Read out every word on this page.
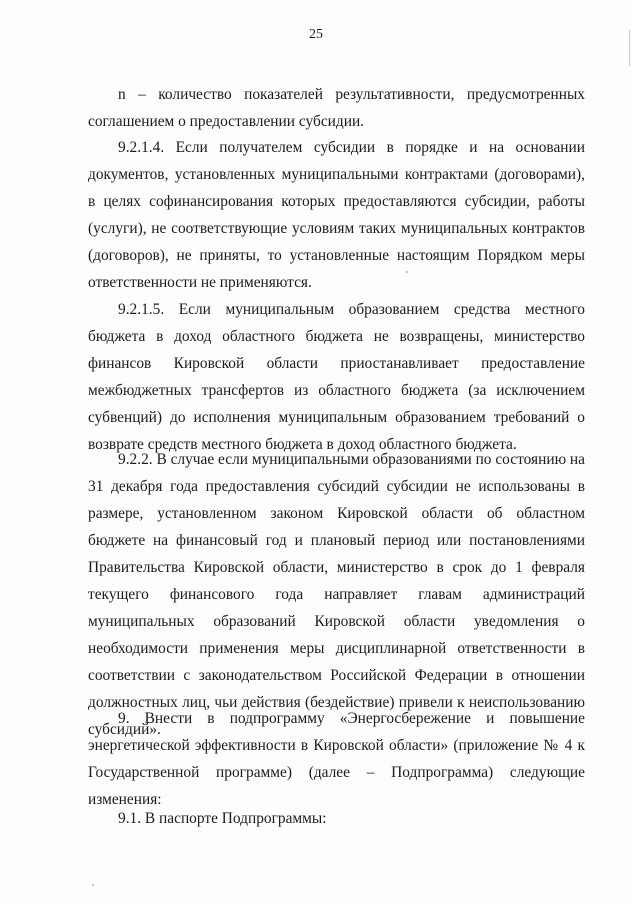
25

n – количество показателей результативности, предусмотренных соглашением о предоставлении субсидии.

9.2.1.4. Если получателем субсидии в порядке и на основании документов, установленных муниципальными контрактами (договорами), в целях софинансирования которых предоставляются субсидии, работы (услуги), не соответствующие условиям таких муниципальных контрактов (договоров), не приняты, то установленные настоящим Порядком меры ответственности не применяются.

9.2.1.5. Если муниципальным образованием средства местного бюджета в доход областного бюджета не возвращены, министерство финансов Кировской области приостанавливает предоставление межбюджетных трансфертов из областного бюджета (за исключением субвенций) до исполнения муниципальным образованием требований о возврате средств местного бюджета в доход областного бюджета.

9.2.2. В случае если муниципальными образованиями по состоянию на 31 декабря года предоставления субсидий субсидии не использованы в размере, установленном законом Кировской области об областном бюджете на финансовый год и плановый период или постановлениями Правительства Кировской области, министерство в срок до 1 февраля текущего финансового года направляет главам администраций муниципальных образований Кировской области уведомления о необходимости применения меры дисциплинарной ответственности в соответствии с законодательством Российской Федерации в отношении должностных лиц, чьи действия (бездействие) привели к неиспользованию субсидий».

9. Внести в подпрограмму «Энергосбережение и повышение энергетической эффективности в Кировской области» (приложение № 4 к Государственной программе) (далее – Подпрограмма) следующие изменения:

9.1. В паспорте Подпрограммы:
